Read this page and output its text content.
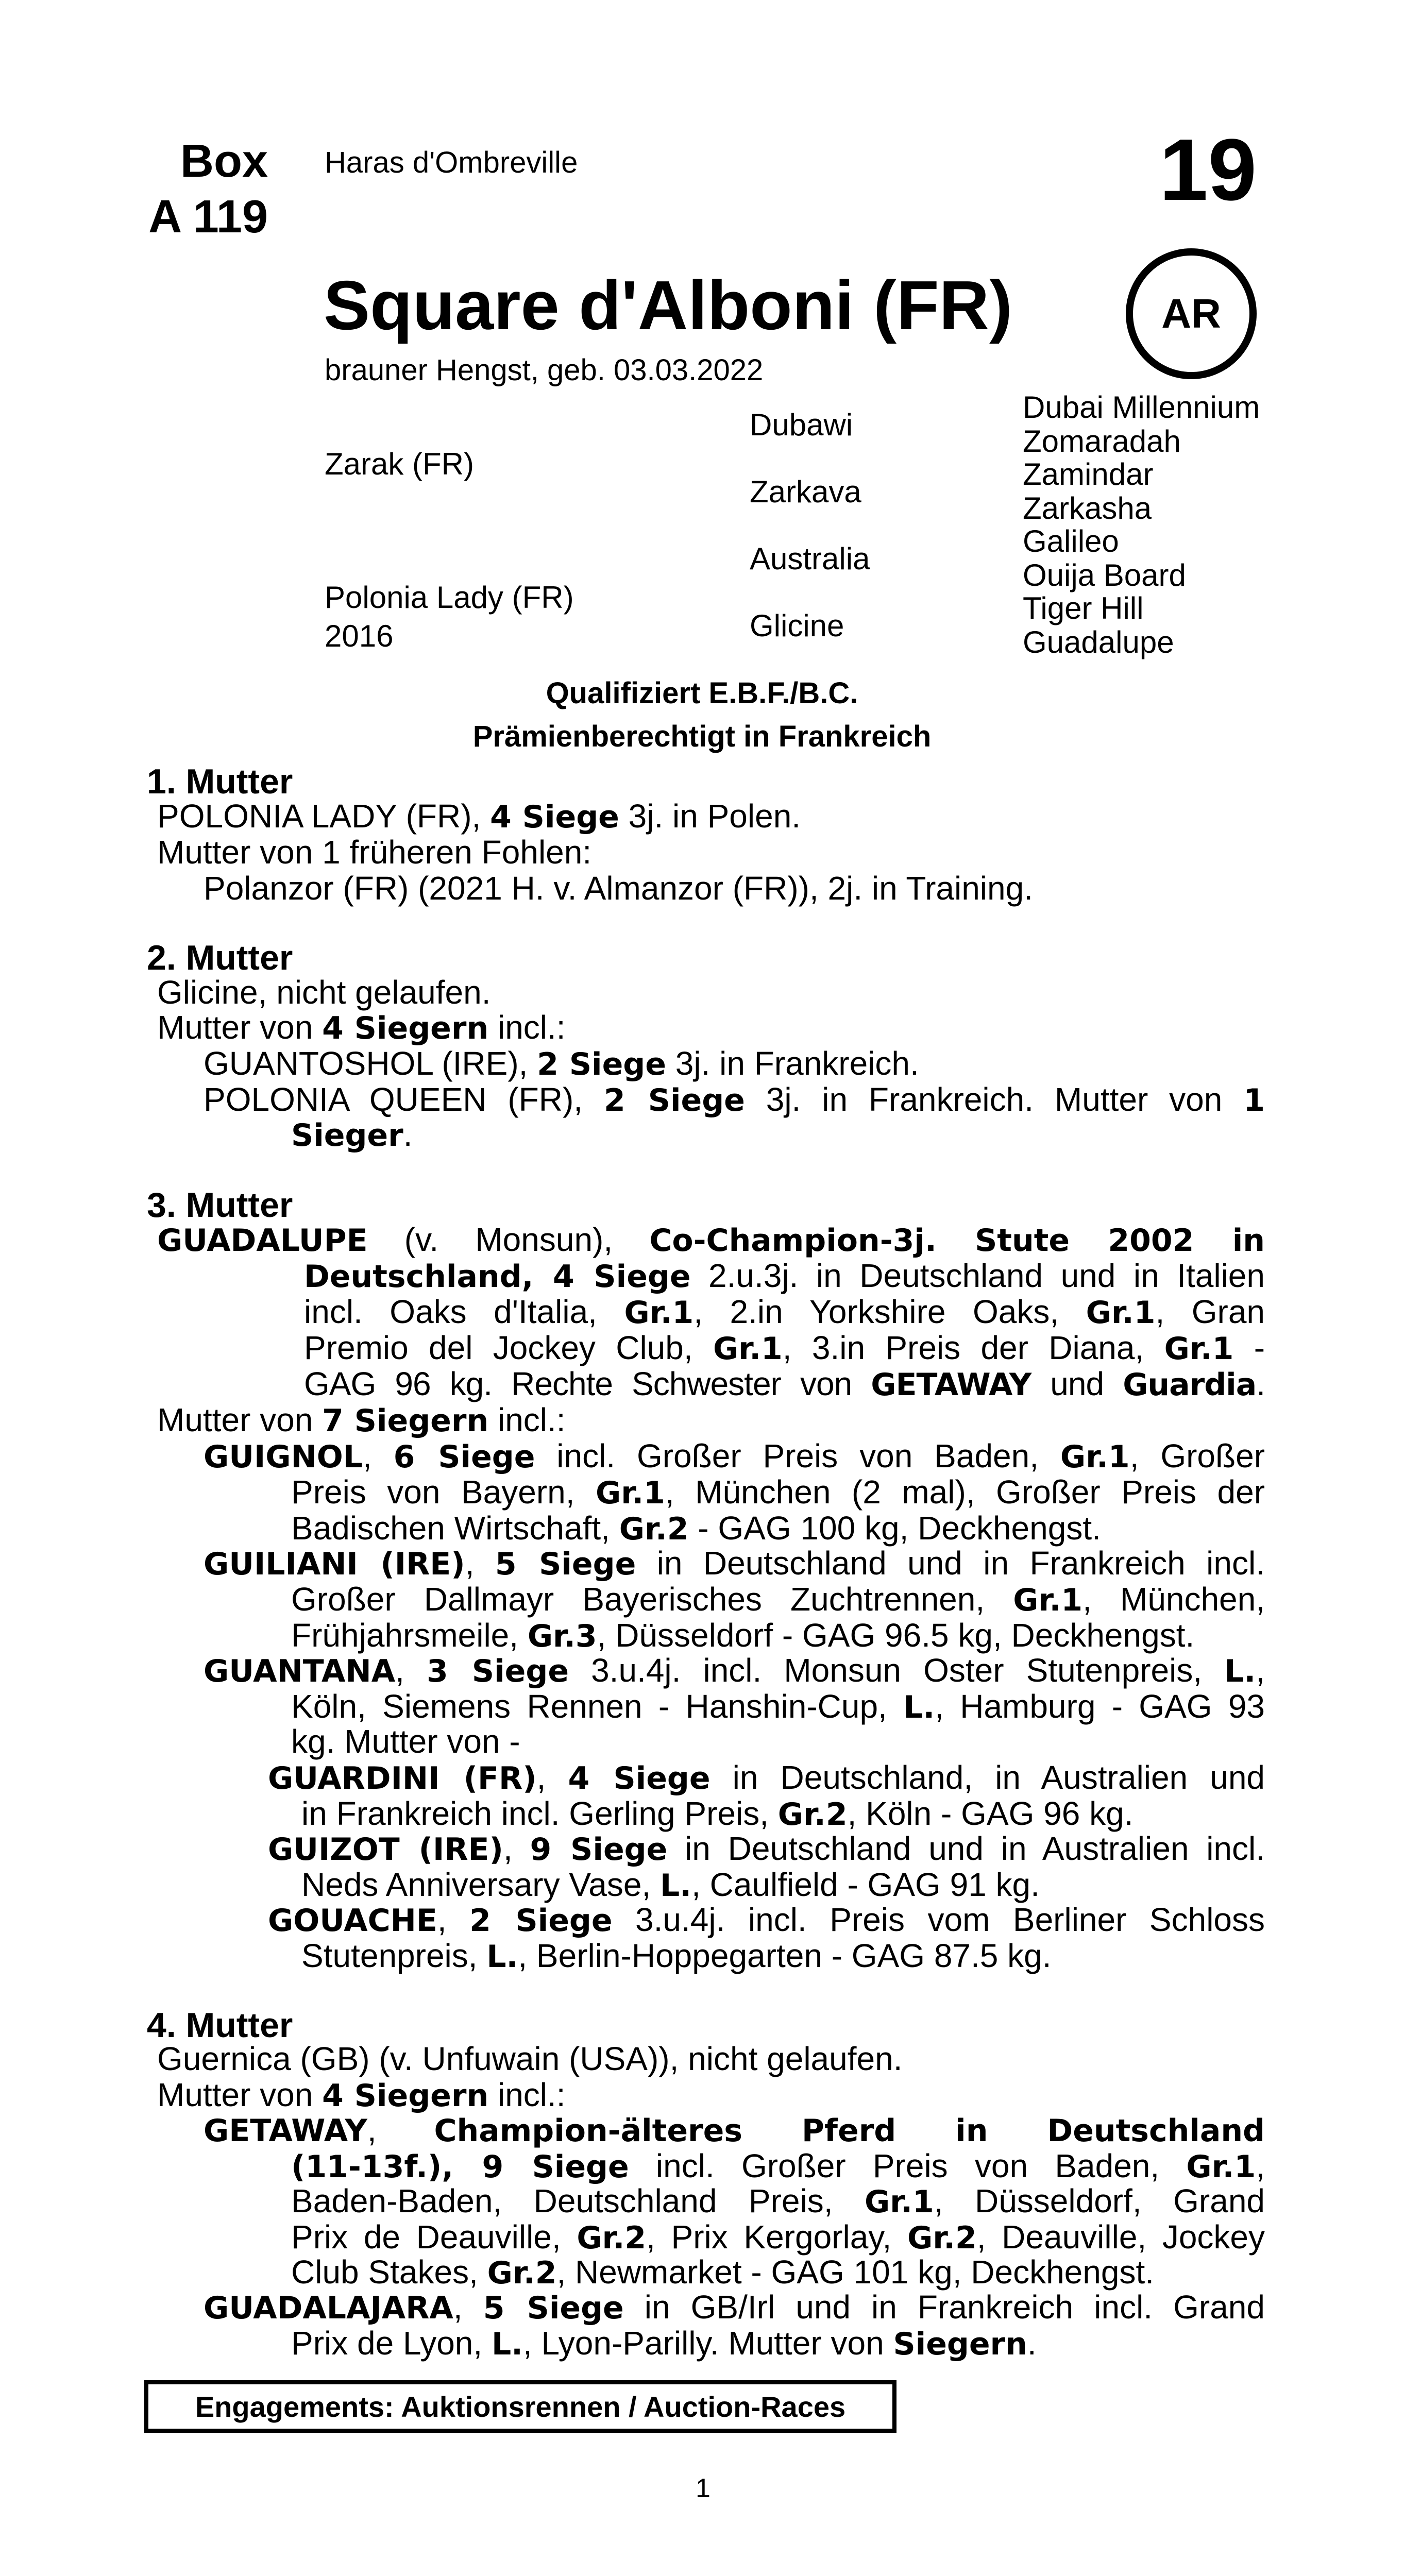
Box
A 119
Haras d'Ombreville	19
Square d'Alboni (FR)	AR
brauner Hengst, geb. 03.03.2022
Zarak (FR)
Polonia Lady (FR)
2016
Dubawi
Zarkava
Australia
Glicine
Dubai Millennium
Zomaradah
Zamindar
Zarkasha
Galileo
Ouija Board
Tiger Hill
Guadalupe
Qualifiziert E.B.F./B.C.
Prämienberechtigt in Frankreich
1. Mutter
POLONIA LADY (FR), 4 Siege 3j. in Polen.
Mutter von 1 früheren Fohlen:
Polanzor (FR) (2021 H. v. Almanzor (FR)), 2j. in Training.
2. Mutter
Glicine, nicht gelaufen.
Mutter von 4 Siegern incl.:
GUANTOSHOL (IRE), 2 Siege 3j. in Frankreich.
POLONIA QUEEN (FR), 2 Siege 3j. in Frankreich. Mutter von 1
Sieger.
3. Mutter
GUADALUPE (v. Monsun), Co-Champion-3j. Stute 2002 in
Deutschland, 4 Siege 2.u.3j. in Deutschland und in Italien
incl. Oaks d'Italia, Gr.1, 2.in Yorkshire Oaks, Gr.1, Gran
Premio del Jockey Club, Gr.1, 3.in Preis der Diana, Gr.1 -
GAG 96 kg. Rechte Schwester von GETAWAY und Guardia.
Mutter von 7 Siegern incl.:
GUIGNOL, 6 Siege incl. Großer Preis von Baden, Gr.1, Großer
Preis von Bayern, Gr.1, München (2 mal), Großer Preis der
Badischen Wirtschaft, Gr.2 - GAG 100 kg, Deckhengst.
GUILIANI (IRE), 5 Siege in Deutschland und in Frankreich incl.
Großer Dallmayr Bayerisches Zuchtrennen, Gr.1, München,
Frühjahrsmeile, Gr.3, Düsseldorf - GAG 96.5 kg, Deckhengst.
GUANTANA, 3 Siege 3.u.4j. incl. Monsun Oster Stutenpreis, L.,
Köln, Siemens Rennen - Hanshin-Cup, L., Hamburg - GAG 93
kg. Mutter von -
GUARDINI (FR), 4 Siege in Deutschland, in Australien und
in Frankreich incl. Gerling Preis, Gr.2, Köln - GAG 96 kg.
GUIZOT (IRE), 9 Siege in Deutschland und in Australien incl.
Neds Anniversary Vase, L., Caulfield - GAG 91 kg.
GOUACHE, 2 Siege 3.u.4j. incl. Preis vom Berliner Schloss
Stutenpreis, L., Berlin-Hoppegarten - GAG 87.5 kg.
4. Mutter
Guernica (GB) (v. Unfuwain (USA)), nicht gelaufen.
Mutter von 4 Siegern incl.:
GETAWAY, Champion-älteres Pferd in Deutschland
(11-13f.), 9 Siege incl. Großer Preis von Baden, Gr.1,
Baden-Baden, Deutschland Preis, Gr.1, Düsseldorf, Grand
Prix de Deauville, Gr.2, Prix Kergorlay, Gr.2, Deauville, Jockey
Club Stakes, Gr.2, Newmarket - GAG 101 kg, Deckhengst.
GUADALAJARA, 5 Siege in GB/Irl und in Frankreich incl. Grand
Prix de Lyon, L., Lyon-Parilly. Mutter von Siegern.
Engagements: Auktionsrennen / Auction-Races
1
